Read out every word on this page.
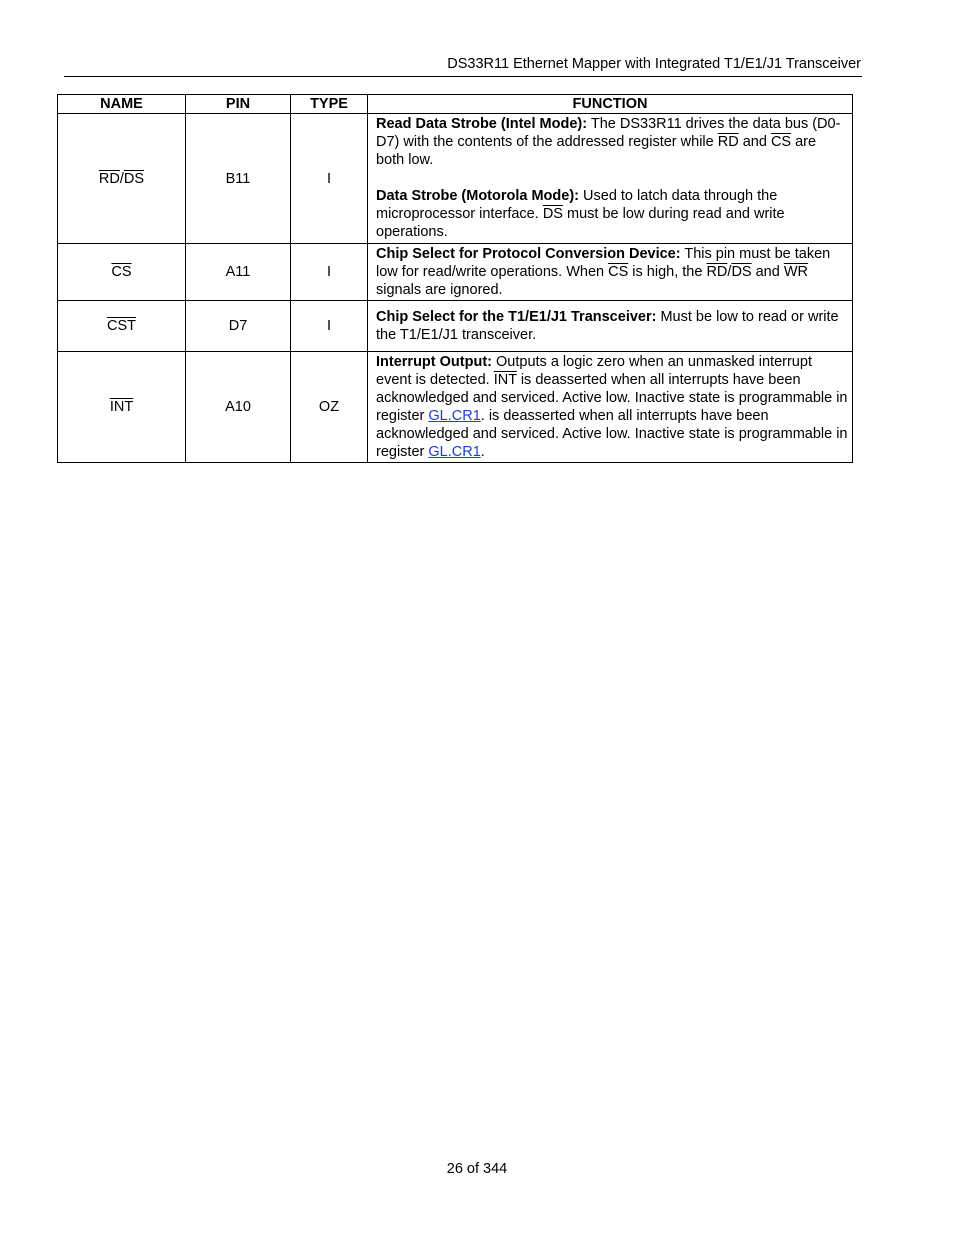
DS33R11 Ethernet Mapper with Integrated T1/E1/J1 Transceiver
NAME	PIN	TYPE	FUNCTION
$\overline{RD}/\overline{DS}$	B11	I	Read Data Strobe (Intel Mode): The DS33R11 drives the data bus (D0-D7) with the contents of the addressed register while $\overline{RD}$ and $\overline{CS}$ are both low.
Data Strobe (Motorola Mode): Used to latch data through the microprocessor interface. $\overline{DS}$ must be low during read and write operations.

$\overline{CS}$	A11	I	Chip Select for Protocol Conversion Device: This pin must be taken low for read/write operations. When $\overline{CS}$ is high, the $\overline{RD}/\overline{DS}$ and $\overline{WR}$ signals are ignored.

$\overline{CST}$	D7	I	Chip Select for the T1/E1/J1 Transceiver: Must be low to read or write the T1/E1/J1 transceiver.

$\overline{INT}$	A10	OZ	Interrupt Output: Outputs a logic zero when an unmasked interrupt event is detected. $\overline{INT}$ is deasserted when all interrupts have been acknowledged and serviced. Active low. Inactive state is programmable in register GL.CR1. is deasserted when all interrupts have been acknowledged and serviced. Active low. Inactive state is programmable in register GL.CR1.
26 of 344
